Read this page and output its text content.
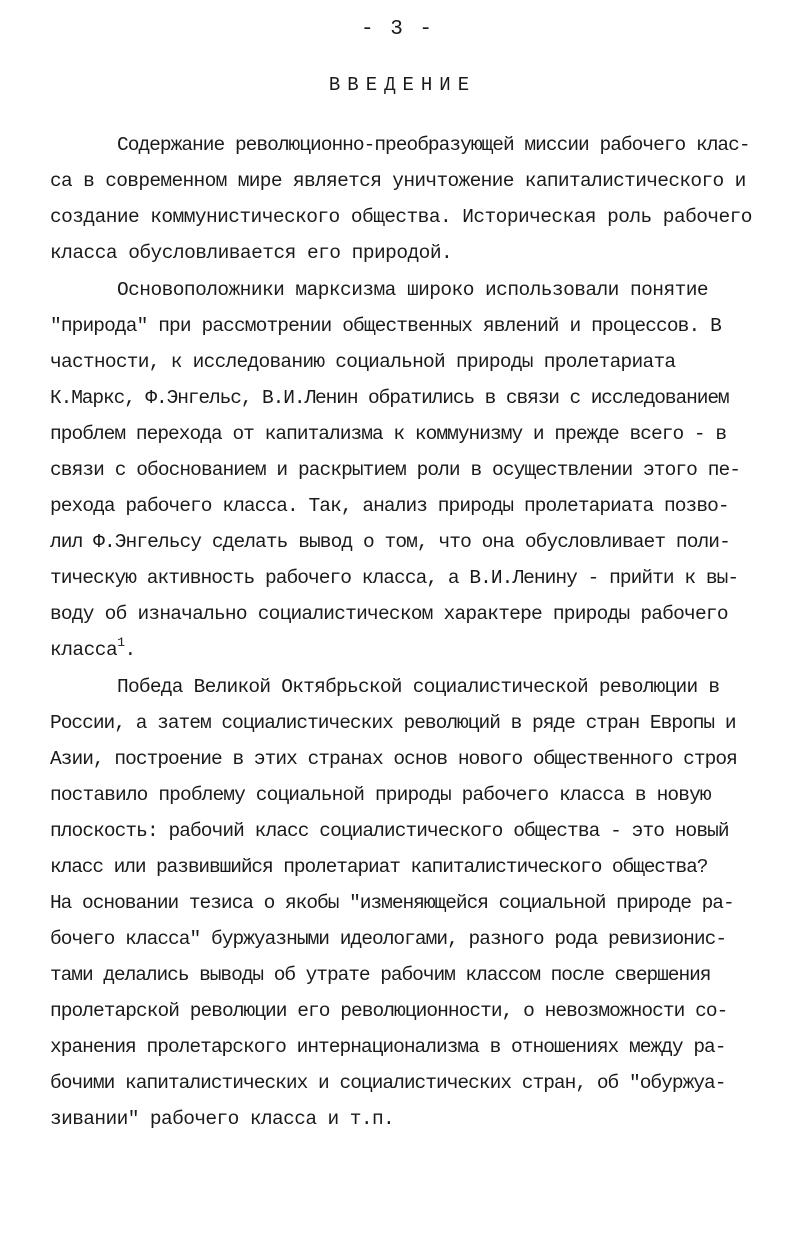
- 3 -
ВВЕДЕНИЕ
Содержание революционно-преобразующей миссии рабочего клас-
са в современном мире является уничтожение капиталистического и
создание коммунистического общества. Историческая роль рабочего
класса обусловливается его природой.
Основоположники марксизма широко использовали понятие
"природа" при рассмотрении общественных явлений и процессов. В
частности, к исследованию социальной природы пролетариата
К.Маркс, Ф.Энгельс, В.И.Ленин обратились в связи с исследованием
проблем перехода от капитализма к коммунизму и прежде всего - в
связи с обоснованием и раскрытием роли в осуществлении этого пе-
рехода рабочего класса. Так, анализ природы пролетариата позво-
лил Ф.Энгельсу сделать вывод о том, что она обусловливает поли-
тическую активность рабочего класса, а В.И.Ленину - прийти к вы-
воду об изначально социалистическом характере природы рабочего
класса$^1$.
Победа Великой Октябрьской социалистической революции в
России, а затем социалистических революций в ряде стран Европы и
Азии, построение в этих странах основ нового общественного строя
поставило проблему социальной природы рабочего класса в новую
плоскость: рабочий класс социалистического общества - это новый
класс или развившийся пролетариат капиталистического общества?
На основании тезиса о якобы "изменяющейся социальной природе ра-
бочего класса" буржуазными идеологами, разного рода ревизионис-
тами делались выводы об утрате рабочим классом после свершения
пролетарской революции его революционности, о невозможности со-
хранения пролетарского интернационализма в отношениях между ра-
бочими капиталистических и социалистических стран, об "обуржуа-
зивании" рабочего класса и т.п.
